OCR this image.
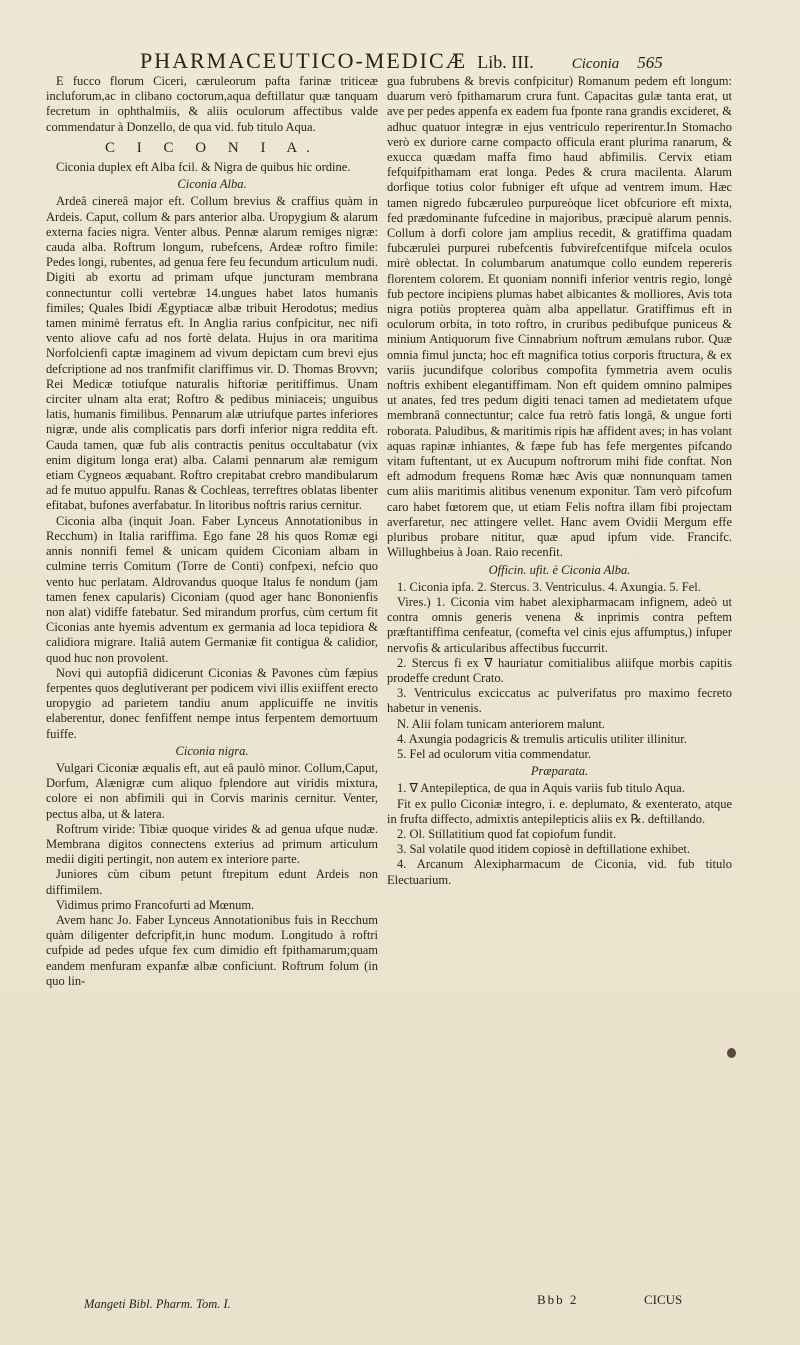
PHARMACEUTICO-MEDICÆ Lib. III.	Ciconia 565

E fucco florum Ciceri, cæruleorum pafta farinæ triticeæ incluforum,ac in clibano coctorum,aqua deftillatur quæ tanquam fecretum in ophthalmiis, & aliis oculorum affectibus valde commendatur à Donzello, de qua vid. fub titulo Aqua.

C I C O N I A.

Ciconia duplex eft Alba fcil. & Nigra de quibus hic ordine.

Ciconia Alba.

Ardeâ cinereâ major eft. Collum brevius & craffius quàm in Ardeis. Caput, collum & pars anterior alba. Uropygium & alarum externa facies nigra. Venter albus. Pennæ alarum remiges nigræ: cauda alba. Roftrum longum, rubefcens, Ardeæ roftro fimile: Pedes longi, rubentes, ad genua fere feu fecundum articulum nudi. Digiti ab exortu ad primam ufque juncturam membrana connectuntur colli vertebræ 14.ungues habet latos humanis fimiles; Quales Ibidi Ægyptiacæ albæ tribuit Herodotus; medius tamen minimè ferratus eft. In Anglia rarius confpicitur, nec nifi vento aliove cafu ad nos fortè delata. Hujus in ora maritima Norfolcienfi captæ imaginem ad vivum depictam cum brevi ejus defcriptione ad nos tranfmifit clariffimus vir. D. Thomas Brovvn; Rei Medicæ totiufque naturalis hiftoriæ peritiffimus. Unam circiter ulnam alta erat; Roftro & pedibus miniaceis; unguibus latis, humanis fimilibus. Pennarum alæ utriufque partes inferiores nigræ, unde alis complicatis pars dorfi inferior nigra reddita eft. Cauda tamen, quæ fub alis contractis penitus occultabatur (vix enim digitum longa erat) alba. Calami pennarum alæ remigum etiam Cygneos æquabant. Roftro crepitabat crebro mandibularum ad fe mutuo appulfu. Ranas & Cochleas, terreftres oblatas libenter efitabat, bufones averfabatur. In litoribus noftris rarius cernitur.

Ciconia alba (inquit Joan. Faber Lynceus Annotationibus in Recchum) in Italia rariffima. Ego fane 28 his quos Romæ egi annis nonnifi femel & unicam quidem Ciconiam albam in culmine terris Comitum (Torre de Conti) confpexi, nefcio quo vento huc perlatam. Aldrovandus quoque Italus fe nondum (jam tamen fenex capularis) Ciconiam (quod ager hanc Bononienfis non alat) vidiffe fatebatur. Sed mirandum prorfus, cùm certum fit Ciconias ante hyemis adventum ex germania ad loca tepidiora & calidiora migrare. Italiâ autem Germaniæ fit contigua & calidior, quod huc non provolent.

Novi qui autopfiâ didicerunt Ciconias & Pavones cùm fæpius ferpentes quos deglutiverant per podicem vivi illis exiiffent erecto uropygio ad parietem tandiu anum applicuiffe ne invitis elaberentur, donec fenfiffent nempe intus ferpentem demortuum fuiffe.

Ciconia nigra.

Vulgari Ciconiæ æqualis eft, aut eâ paulò minor. Collum,Caput, Dorfum, Alænigræ cum aliquo fplendore aut viridis mixtura, colore ei non abfimili qui in Corvis marinis cernitur. Venter, pectus alba, ut & latera.

Roftrum viride: Tibiæ quoque virides & ad genua ufque nudæ. Membrana digitos connectens exterius ad primum articulum medii digiti pertingit, non autem ex interiore parte.

Juniores cùm cibum petunt ftrepitum edunt Ardeis non diffimilem.

Vidimus primo Francofurti ad Mœnum.

Avem hanc Jo. Faber Lynceus Annotationibus fuis in Recchum quàm diligenter defcripfit,in hunc modum. Longitudo à roftri cufpide ad pedes ufque fex cum dimidio eft fpithamarum;quam eandem menfuram expanfæ albæ conficiunt. Roftrum folum (in quo lin-

gua fubrubens & brevis confpicitur) Romanum pedem eft longum: duarum verò fpithamarum crura funt. Capacitas gulæ tanta erat, ut ave per pedes appenfa ex eadem fua fponte rana grandis excideret, & adhuc quatuor integræ in ejus ventriculo reperirentur.In Stomacho verò ex duriore carne compacto officula erant plurima ranarum, & exucca quædam maffa fimo haud abfimilis. Cervix etiam fefquifpithamam erat longa. Pedes & crura macilenta. Alarum dorfique totius color fubniger eft ufque ad ventrem imum. Hæc tamen nigredo fubcæruleo purpureòque licet obfcuriore eft mixta, fed prædominante fufcedine in majoribus, præcipuè alarum pennis. Collum à dorfi colore jam amplius recedit, & gratiffima quadam fubcærulei purpurei rubefcentis fubvirefcentifque mifcela oculos mirè oblectat. In columbarum anatumque collo eundem repereris florentem colorem. Et quoniam nonnifi inferior ventris regio, longè fub pectore incipiens plumas habet albicantes & molliores, Avis tota nigra potiùs propterea quàm alba appellatur. Gratiffimus eft in oculorum orbita, in toto roftro, in cruribus pedibufque puniceus & minium Antiquorum five Cinnabrium noftrum æmulans rubor. Quæ omnia fimul juncta; hoc eft magnifica totius corporis ftructura, & ex variis jucundifque coloribus compofita fymmetria avem oculis noftris exhibent elegantiffimam. Non eft quidem omnino palmipes ut anates, fed tres pedum digiti tenaci tamen ad medietatem ufque membranâ connectuntur; calce fua retrò fatis longâ, & ungue forti roborata. Paludibus, & maritimis ripis hæ affident aves; in has volant aquas rapinæ inhiantes, & fæpe fub has fefe mergentes pifcando vitam fuftentant, ut ex Aucupum noftrorum mihi fide conftat. Non eft admodum frequens Romæ hæc Avis quæ nonnunquam tamen cum aliis maritimis alitibus venenum exponitur. Tam verò pifcofum caro habet fœtorem que, ut etiam Felis noftra illam fibi projectam averfaretur, nec attingere vellet. Hanc avem Ovidii Mergum effe pluribus probare nititur, quæ apud ipfum vide. Francifc. Willughbeius à Joan. Raio recenfit.

Officin. ufit. è Ciconia Alba.

1. Ciconia ipfa. 2. Stercus. 3. Ventriculus. 4. Axungia. 5. Fel.

Vires.) 1. Ciconia vim habet alexipharmacam infignem, adeò ut contra omnis generis venena & inprimis contra peftem præftantiffima cenfeatur, (comefta vel cinis ejus affumptus,) infuper nervofis & articularibus affectibus fuccurrit.

2. Stercus fi ex ∇ hauriatur comitialibus aliifque morbis capitis prodeffe credunt Crato.

3. Ventriculus exciccatus ac pulverifatus pro maximo fecreto habetur in venenis.

N. Alii folam tunicam anteriorem malunt.

4. Axungia podagricis & tremulis articulis utiliter illinitur.

5. Fel ad oculorum vitia commendatur.

Præparata.

1. ∇ Antepileptica, de qua in Aquis variis fub titulo Aqua.

Fit ex pullo Ciconiæ integro, i. e. deplumato, & exenterato, atque in frufta diffecto, admixtis antepilepticis aliis ex ℞. deftillando.

2. Ol. Stillatitium quod fat copiofum fundit.

3. Sal volatile quod itidem copiosè in deftillatione exhibet.

4. Arcanum Alexipharmacum de Ciconia, vid. fub titulo Electuarium.

Mangeti Bibl. Pharm. Tom. I.	Bbb 2	CICUS
